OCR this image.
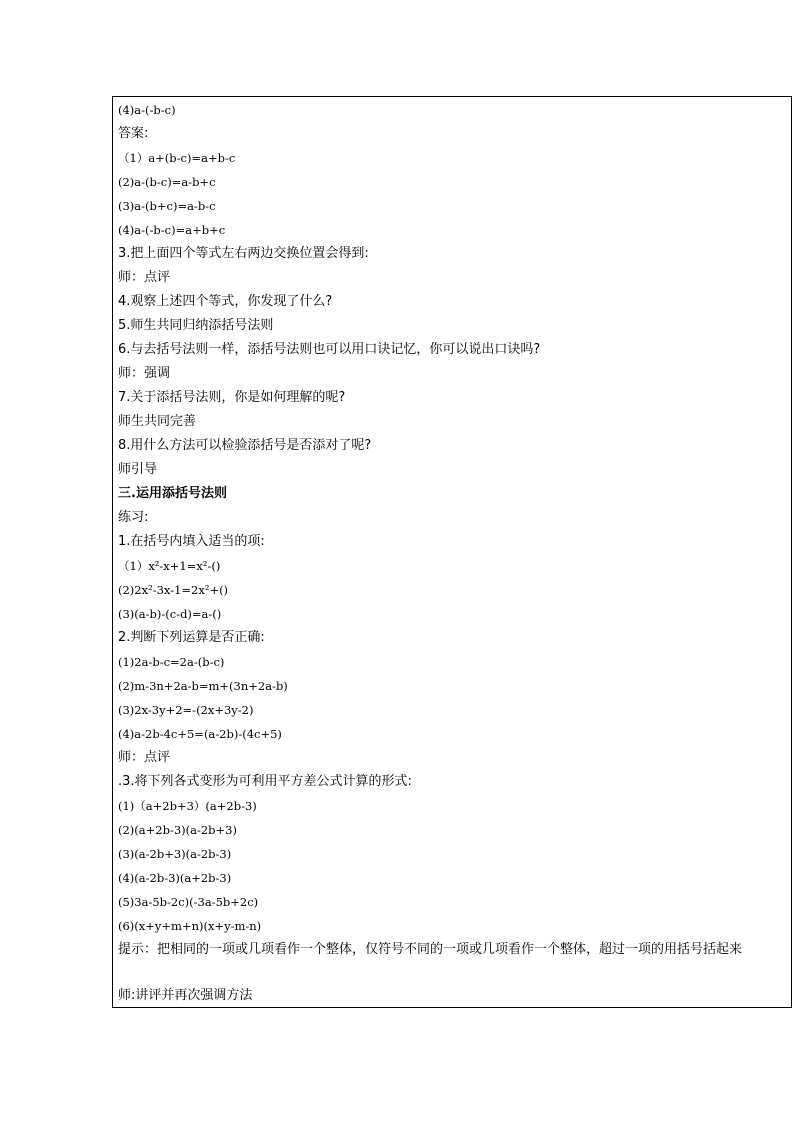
(4)a-(-b-c)
答案:
（1）a+(b-c)=a+b-c
(2)a-(b-c)=a-b+c
(3)a-(b+c)=a-b-c
(4)a-(-b-c)=a+b+c
3.把上面四个等式左右两边交换位置会得到:
师：点评
4.观察上述四个等式，你发现了什么?
5.师生共同归纳添括号法则
6.与去括号法则一样，添括号法则也可以用口诀记忆，你可以说出口诀吗?
师：强调
7.关于添括号法则，你是如何理解的呢?
师生共同完善
8.用什么方法可以检验添括号是否添对了呢?
师引导
三.运用添括号法则
练习:
1.在括号内填入适当的项:
（1）x²-x+1=x²-()
(2)2x²-3x-1=2x²+()
(3)(a-b)-(c-d)=a-()
2.判断下列运算是否正确:
(1)2a-b-c=2a-(b-c)
(2)m-3n+2a-b=m+(3n+2a-b)
(3)2x-3y+2=-(2x+3y-2)
(4)a-2b-4c+5=(a-2b)-(4c+5)
师：点评
.3.将下列各式变形为可利用平方差公式计算的形式:
(1)（a+2b+3）(a+2b-3)
(2)(a+2b-3)(a-2b+3)
(3)(a-2b+3)(a-2b-3)
(4)(a-2b-3)(a+2b-3)
(5)3a-5b-2c)(-3a-5b+2c)
(6)(x+y+m+n)(x+y-m-n)
提示：把相同的一项或几项看作一个整体，仅符号不同的一项或几项看作一个整体，超过一项的用括号括起来
师:讲评并再次强调方法
